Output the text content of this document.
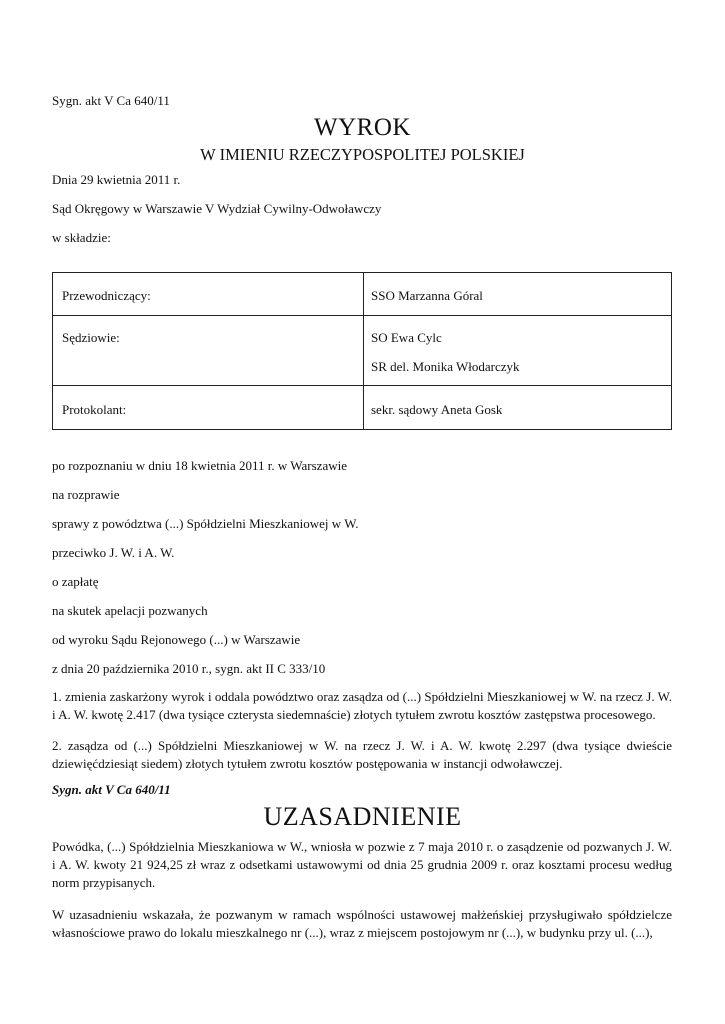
Sygn. akt V Ca 640/11
WYROK
W IMIENIU RZECZYPOSPOLITEJ POLSKIEJ
Dnia 29 kwietnia 2011 r.
Sąd Okręgowy w Warszawie V Wydział Cywilny-Odwoławczy
w składzie:
Przewodniczący:	SSO Marzanna Góral
Sędziowie:	SO Ewa Cylc
SR del. Monika Włodarczyk
Protokolant:	sekr. sądowy Aneta Gosk
po rozpoznaniu w dniu 18 kwietnia 2011 r. w Warszawie
na rozprawie
sprawy z powództwa (...) Spółdzielni Mieszkaniowej w W.
przeciwko J. W. i A. W.
o zapłatę
na skutek apelacji pozwanych
od wyroku Sądu Rejonowego (...) w Warszawie
z dnia 20 października 2010 r., sygn. akt II C 333/10
1. zmienia zaskarżony wyrok i oddala powództwo oraz zasądza od (...) Spółdzielni Mieszkaniowej w W. na rzecz J. W. i A. W. kwotę 2.417 (dwa tysiące czterysta siedemnaście) złotych tytułem zwrotu kosztów zastępstwa procesowego.
2. zasądza od (...) Spółdzielni Mieszkaniowej w W. na rzecz J. W. i A. W. kwotę 2.297 (dwa tysiące dwieście dziewięćdziesiąt siedem) złotych tytułem zwrotu kosztów postępowania w instancji odwoławczej.
Sygn. akt V Ca 640/11
UZASADNIENIE
Powódka, (...) Spółdzielnia Mieszkaniowa w W., wniosła w pozwie z 7 maja 2010 r. o zasądzenie od pozwanych J. W. i A. W. kwoty 21 924,25 zł wraz z odsetkami ustawowymi od dnia 25 grudnia 2009 r. oraz kosztami procesu według norm przypisanych.
W uzasadnieniu wskazała, że pozwanym w ramach wspólności ustawowej małżeńskiej przysługiwało spółdzielcze własnościowe prawo do lokalu mieszkalnego nr (...), wraz z miejscem postojowym nr (...), w budynku przy ul. (...),
